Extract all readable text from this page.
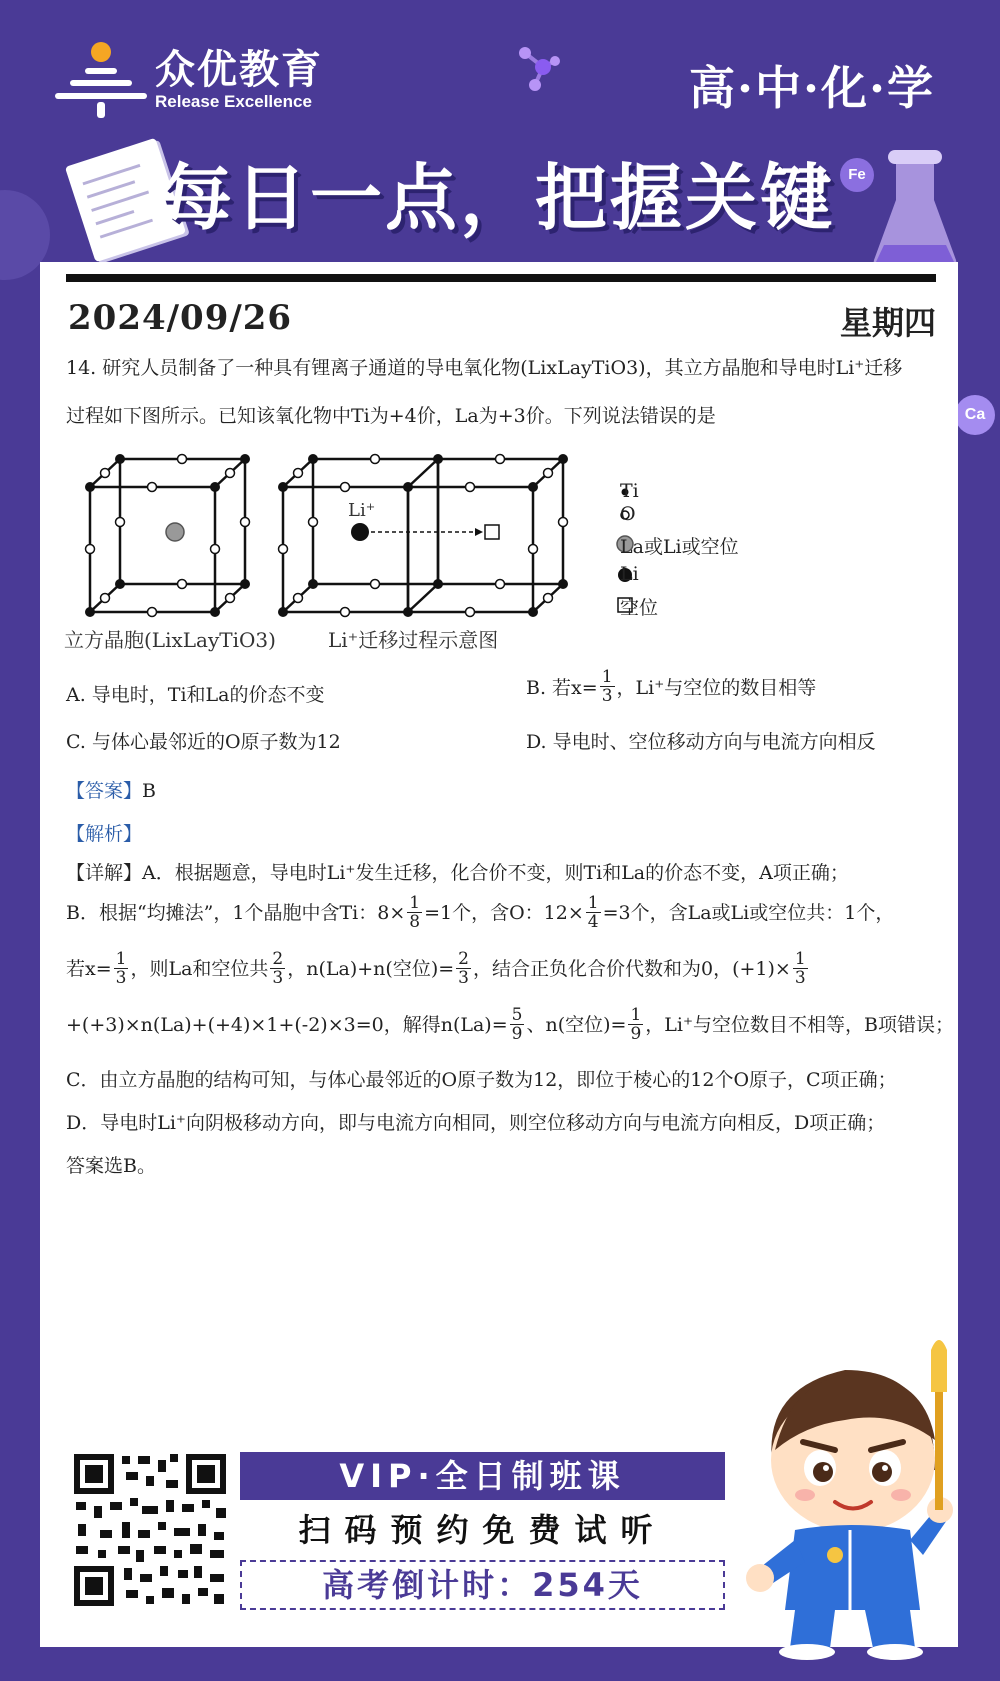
众优教育
Release Excellence	高·中·化·学
每日一点，把握关键 Fe
Ca
2024/09/26	星期四
14. 研究人员制备了一种具有锂离子通道的导电氧化物(LixLayTiO3)，其立方晶胞和导电时Li⁺迁移
过程如下图所示。已知该氧化物中Ti为+4价，La为+3价。下列说法错误的是
Li⁺
Ti
O
La或Li或空位
Li
空位
立方晶胞(LixLayTiO3)	Li⁺迁移过程示意图
A. 导电时，Ti和La的价态不变	B. 若$x= \frac{1}{3}$ ，Li⁺与空位的数目相等
C. 与体心最邻近的O原子数为12	D. 导电时、空位移动方向与电流方向相反
【答案】B
【解析】
【详解】A．根据题意，导电时Li⁺发生迁移，化合价不变，则Ti和La的价态不变，A项正确；
B．根据“均摊法”，1个晶胞中含Ti：$8\times \frac{1}{8} =1$个，含O：$12\times \frac{1}{4} =3$个，含La或Li或空位共：1个，
若$x= \frac{1}{3}$ ，则La和空位共 $\frac{2}{3}$ ，n(La)+n(空位)= $\frac{2}{3}$ ，结合正负化合价代数和为0，$(+1)\times \frac{1}{3}$
+(+3)×n(La)+(+4)×1+(-2)×3=0，解得$n(La)= \frac{5}{9}$ 、n(空位)= $\frac{1}{9}$ ，Li⁺与空位数目不相等，B项错误；
C．由立方晶胞的结构可知，与体心最邻近的O原子数为12，即位于棱心的12个O原子，C项正确；
D．导电时Li⁺向阴极移动方向，即与电流方向相同，则空位移动方向与电流方向相反，D项正确；
答案选B。
VIP·全日制班课
扫码预约免费试听
高考倒计时：254天
